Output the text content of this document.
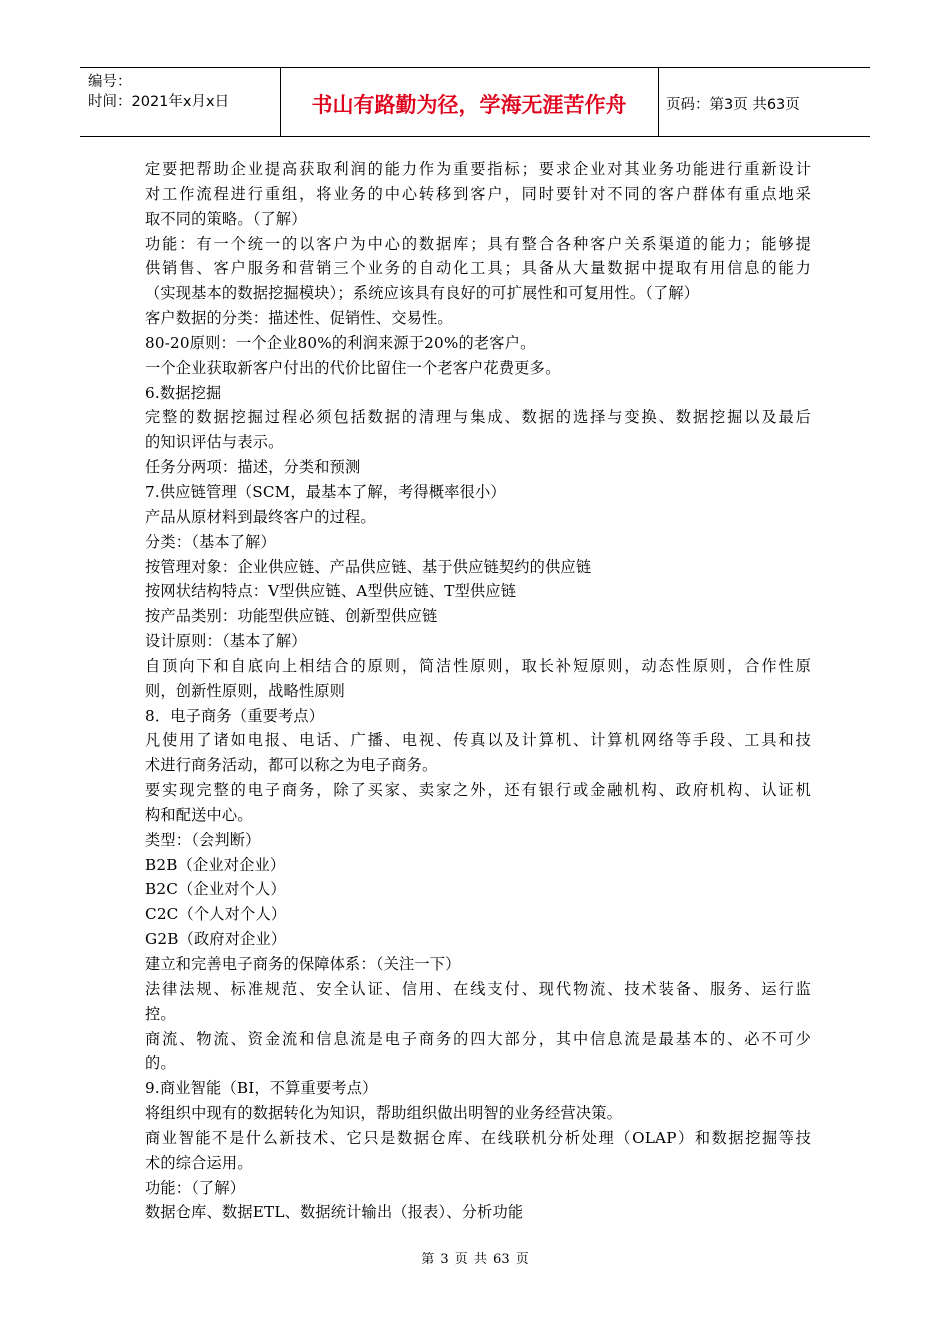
编号：
时间：2021年x月x日	书山有路勤为径，学海无涯苦作舟	页码：第3页 共63页

定要把帮助企业提高获取利润的能力作为重要指标；要求企业对其业务功能进行重新设计

对工作流程进行重组，将业务的中心转移到客户，同时要针对不同的客户群体有重点地采

取不同的策略。（了解）

功能：有一个统一的以客户为中心的数据库；具有整合各种客户关系渠道的能力；能够提

供销售、客户服务和营销三个业务的自动化工具；具备从大量数据中提取有用信息的能力

（实现基本的数据挖掘模块）；系统应该具有良好的可扩展性和可复用性。（了解）

客户数据的分类：描述性、促销性、交易性。

80-20原则：一个企业80%的利润来源于20%的老客户。

一个企业获取新客户付出的代价比留住一个老客户花费更多。

6.数据挖掘

完整的数据挖掘过程必须包括数据的清理与集成、数据的选择与变换、数据挖掘以及最后

的知识评估与表示。

任务分两项：描述，分类和预测

7.供应链管理（SCM，最基本了解，考得概率很小）

产品从原材料到最终客户的过程。

分类：（基本了解）

按管理对象：企业供应链、产品供应链、基于供应链契约的供应链

按网状结构特点：V型供应链、A型供应链、T型供应链

按产品类别：功能型供应链、创新型供应链

设计原则：（基本了解）

自顶向下和自底向上相结合的原则，简洁性原则，取长补短原则，动态性原则，合作性原

则，创新性原则，战略性原则

8．电子商务（重要考点）

凡使用了诸如电报、电话、广播、电视、传真以及计算机、计算机网络等手段、工具和技

术进行商务活动，都可以称之为电子商务。

要实现完整的电子商务，除了买家、卖家之外，还有银行或金融机构、政府机构、认证机

构和配送中心。

类型：（会判断）

B2B（企业对企业）

B2C（企业对个人）

C2C（个人对个人）

G2B（政府对企业）

建立和完善电子商务的保障体系：（关注一下）

法律法规、标准规范、安全认证、信用、在线支付、现代物流、技术装备、服务、运行监

控。

商流、物流、资金流和信息流是电子商务的四大部分，其中信息流是最基本的、必不可少

的。

9.商业智能（BI，不算重要考点）

将组织中现有的数据转化为知识，帮助组织做出明智的业务经营决策。

商业智能不是什么新技术、它只是数据仓库、在线联机分析处理（OLAP）和数据挖掘等技

术的综合运用。

功能：（了解）

数据仓库、数据ETL、数据统计输出（报表）、分析功能

第 3 页 共 63 页
